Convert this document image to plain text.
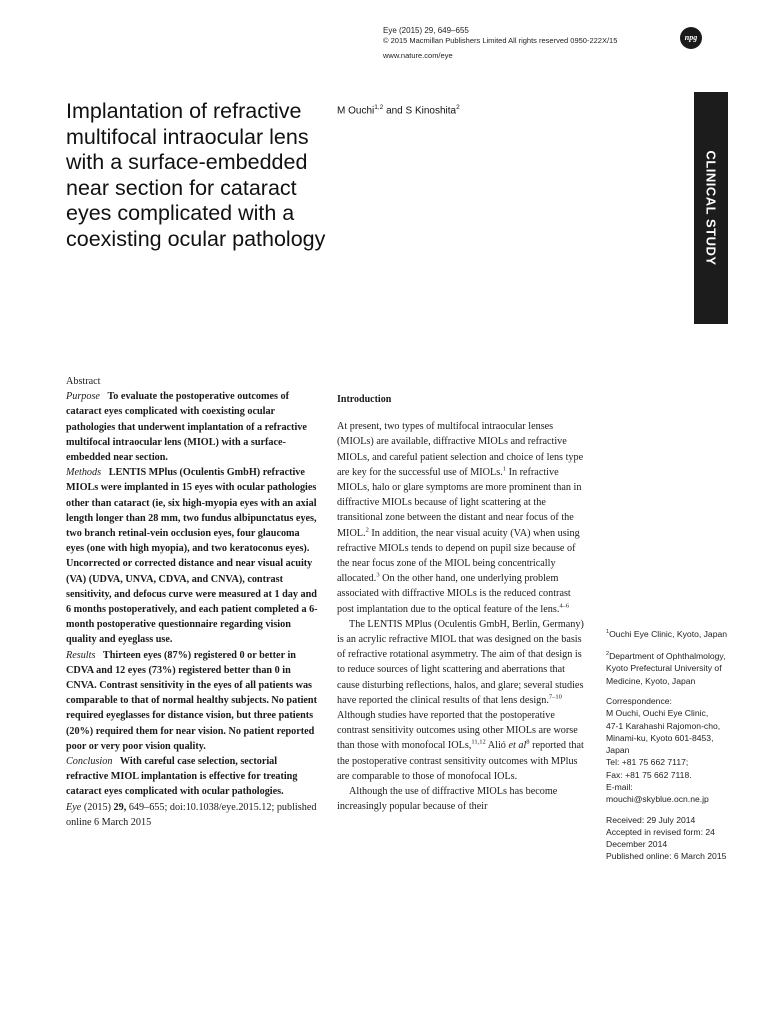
Eye (2015) 29, 649–655
© 2015 Macmillan Publishers Limited All rights reserved 0950-222X/15
www.nature.com/eye
npg
Implantation of refractive multifocal intraocular lens with a surface-embedded near section for cataract eyes complicated with a coexisting ocular pathology
M Ouchi$^{1,2}$ and S Kinoshita$^2$
CLINICAL STUDY
Abstract

Purpose To evaluate the postoperative outcomes of cataract eyes complicated with coexisting ocular pathologies that underwent implantation of a refractive multifocal intraocular lens (MIOL) with a surface-embedded near section.

Methods LENTIS MPlus (Oculentis GmbH) refractive MIOLs were implanted in 15 eyes with ocular pathologies other than cataract (ie, six high-myopia eyes with an axial length longer than 28 mm, two fundus albipunctatus eyes, two branch retinal-vein occlusion eyes, four glaucoma eyes (one with high myopia), and two keratoconus eyes). Uncorrected or corrected distance and near visual acuity (VA) (UDVA, UNVA, CDVA, and CNVA), contrast sensitivity, and defocus curve were measured at 1 day and 6 months postoperatively, and each patient completed a 6-month postoperative questionnaire regarding vision quality and eyeglass use.

Results Thirteen eyes (87%) registered 0 or better in CDVA and 12 eyes (73%) registered better than 0 in CNVA. Contrast sensitivity in the eyes of all patients was comparable to that of normal healthy subjects. No patient required eyeglasses for distance vision, but three patients (20%) required them for near vision. No patient reported poor or very poor vision quality.

Conclusion With careful case selection, sectorial refractive MIOL implantation is effective for treating cataract eyes complicated with ocular pathologies.

Eye (2015) 29, 649–655; doi:10.1038/eye.2015.12; published online 6 March 2015

Introduction

At present, two types of multifocal intraocular lenses (MIOLs) are available, diffractive MIOLs and refractive MIOLs, and careful patient selection and choice of lens type are key for the successful use of MIOLs.$^1$ In refractive MIOLs, halo or glare symptoms are more prominent than in diffractive MIOLs because of light scattering at the transitional zone between the distant and near focus of the MIOL.$^2$ In addition, the near visual acuity (VA) when using refractive MIOLs tends to depend on pupil size because of the near focus zone of the MIOL being concentrically allocated.$^3$ On the other hand, one underlying problem associated with diffractive MIOLs is the reduced contrast post implantation due to the optical feature of the lens.$^{4-6}$

The LENTIS MPlus (Oculentis GmbH, Berlin, Germany) is an acrylic refractive MIOL that was designed on the basis of refractive rotational asymmetry. The aim of that design is to reduce sources of light scattering and aberrations that cause disturbing reflections, halos, and glare; several studies have reported the clinical results of that lens design.$^{7-10}$ Although studies have reported that the postoperative contrast sensitivity outcomes using other MIOLs are worse than those with monofocal IOLs,$^{11,12}$ Alió et $al^8$ reported that the postoperative contrast sensitivity outcomes with MPlus are comparable to those of monofocal IOLs.

Although the use of diffractive MIOLs has become increasingly popular because of their

$^1$Ouchi Eye Clinic, Kyoto, Japan

$^2$Department of Ophthalmology, Kyoto Prefectural University of Medicine, Kyoto, Japan

Correspondence:
M Ouchi, Ouchi Eye Clinic,
47-1 Karahashi Rajomon-cho, Minami-ku, Kyoto 601-8453, Japan
Tel: +81 75 662 7117;
Fax: +81 75 662 7118.
E-mail: mouchi@skyblue.ocn.ne.jp

Received: 29 July 2014
Accepted in revised form: 24 December 2014
Published online: 6 March 2015
